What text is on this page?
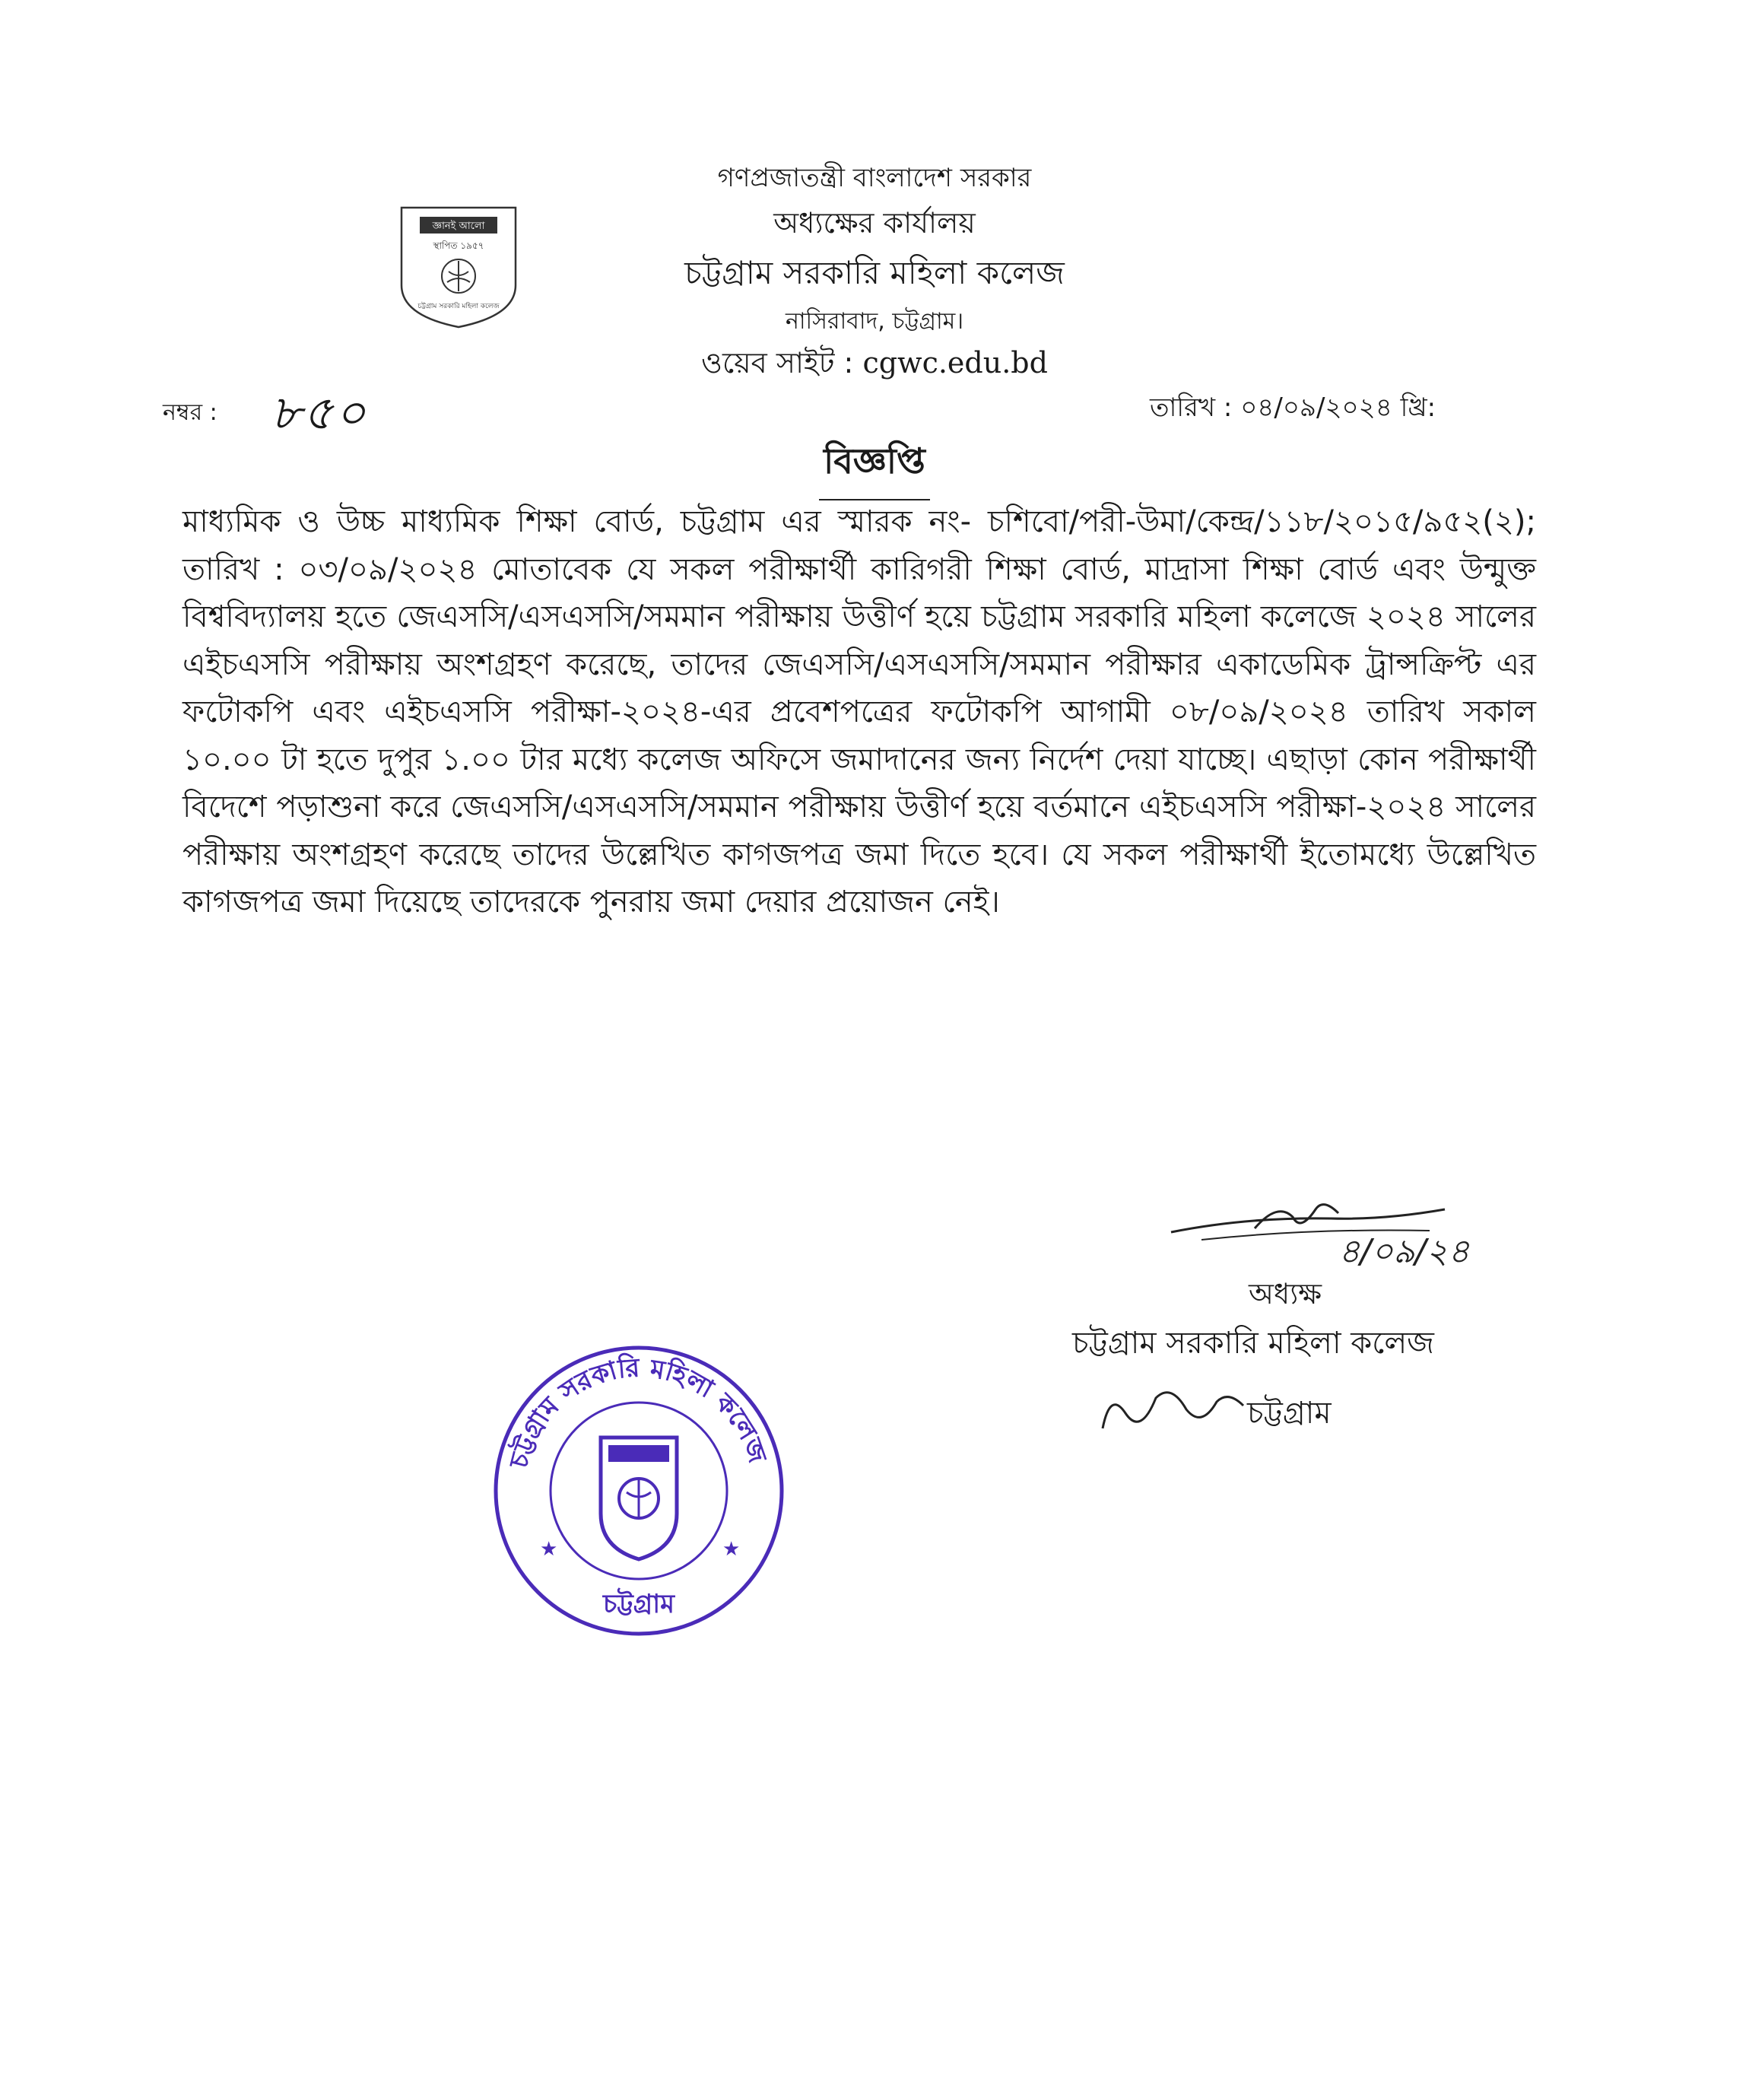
জ্ঞানই আলো
স্থাপিত ১৯৫৭
চট্টগ্রাম সরকারি মহিলা কলেজ
গণপ্রজাতন্ত্রী বাংলাদেশ সরকার
অধ্যক্ষের কার্যালয়
চট্টগ্রাম সরকারি মহিলা কলেজ
নাসিরাবাদ, চট্টগ্রাম।
ওয়েব সাইট : cgwc.edu.bd
নম্বর : ৮৫০	তারিখ : ০৪/০৯/২০২৪ খ্রি:
বিজ্ঞপ্তি
মাধ্যমিক ও উচ্চ মাধ্যমিক শিক্ষা বোর্ড, চট্টগ্রাম এর স্মারক নং- চশিবো/পরী-উমা/কেন্দ্র/১১৮/২০১৫/৯৫২(২); তারিখ : ০৩/০৯/২০২৪ মোতাবেক যে সকল পরীক্ষার্থী কারিগরী শিক্ষা বোর্ড, মাদ্রাসা শিক্ষা বোর্ড এবং উন্মুক্ত বিশ্ববিদ্যালয় হতে জেএসসি/এসএসসি/সমমান পরীক্ষায় উত্তীর্ণ হয়ে চট্টগ্রাম সরকারি মহিলা কলেজে ২০২৪ সালের এইচএসসি পরীক্ষায় অংশগ্রহণ করেছে, তাদের জেএসসি/এসএসসি/সমমান পরীক্ষার একাডেমিক ট্রান্সক্রিপ্ট এর ফটোকপি এবং এইচএসসি পরীক্ষা-২০২৪-এর প্রবেশপত্রের ফটোকপি আগামী ০৮/০৯/২০২৪ তারিখ সকাল ১০.০০ টা হতে দুপুর ১.০০ টার মধ্যে কলেজ অফিসে জমাদানের জন্য নির্দেশ দেয়া যাচ্ছে। এছাড়া কোন পরীক্ষার্থী বিদেশে পড়াশুনা করে জেএসসি/এসএসসি/সমমান পরীক্ষায় উত্তীর্ণ হয়ে বর্তমানে এইচএসসি পরীক্ষা-২০২৪ সালের পরীক্ষায় অংশগ্রহণ করেছে তাদের উল্লেখিত কাগজপত্র জমা দিতে হবে। যে সকল পরীক্ষার্থী ইতোমধ্যে উল্লেখিত কাগজপত্র জমা দিয়েছে তাদেরকে পুনরায় জমা দেয়ার প্রয়োজন নেই।
৪/০৯/২৪
অধ্যক্ষ
চট্টগ্রাম সরকারি মহিলা কলেজ
চট্টগ্রাম
চট্টগ্রাম সরকারি মহিলা কলেজ
★	★
চট্টগ্রাম
